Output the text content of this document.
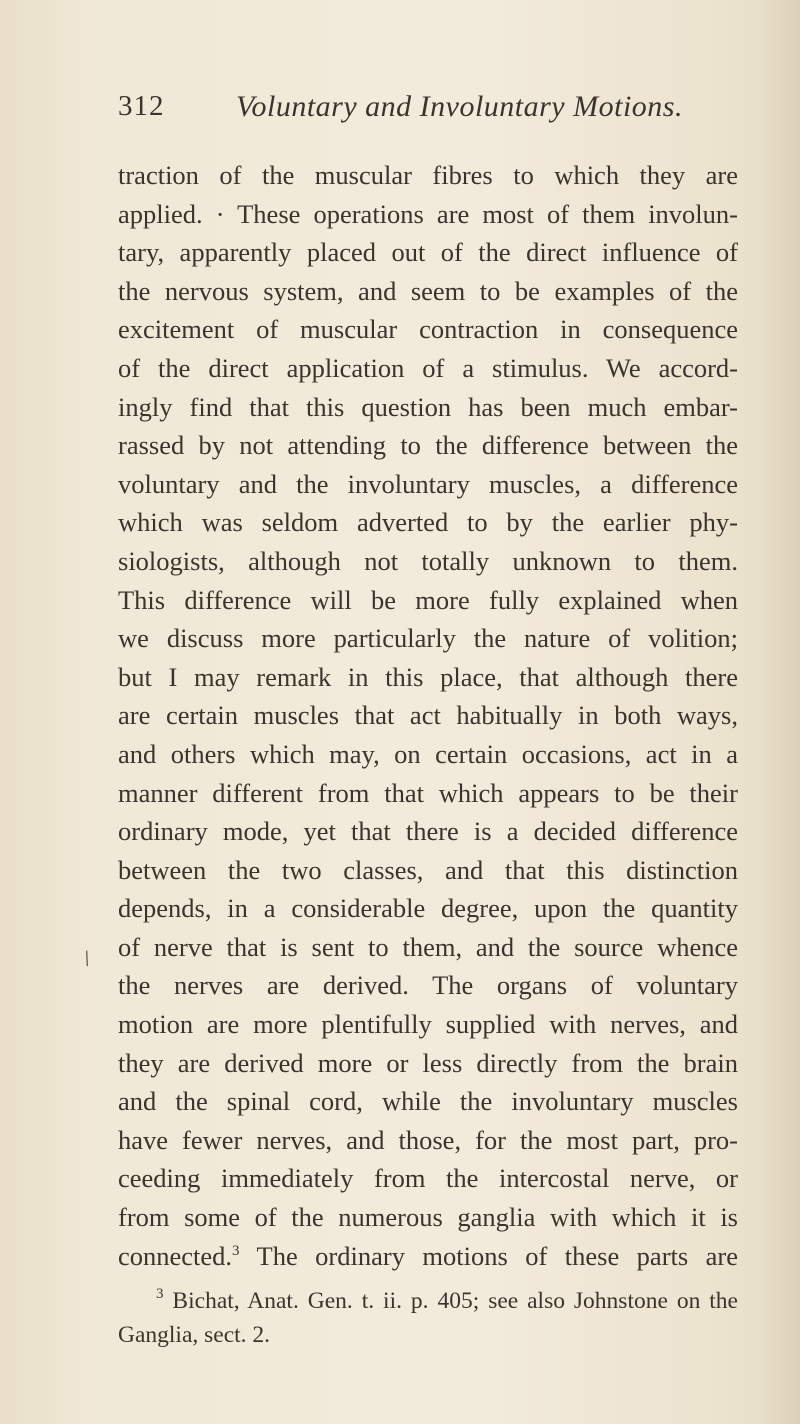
312 Voluntary and Involuntary Motions.
traction of the muscular fibres to which they are
applied. · These operations are most of them involun-
tary, apparently placed out of the direct influence of
the nervous system, and seem to be examples of the
excitement of muscular contraction in consequence
of the direct application of a stimulus. We accord-
ingly find that this question has been much embar-
rassed by not attending to the difference between the
voluntary and the involuntary muscles, a difference
which was seldom adverted to by the earlier phy-
siologists, although not totally unknown to them.
This difference will be more fully explained when
we discuss more particularly the nature of volition;
but I may remark in this place, that although there
are certain muscles that act habitually in both ways,
and others which may, on certain occasions, act in a
manner different from that which appears to be their
ordinary mode, yet that there is a decided difference
between the two classes, and that this distinction
depends, in a considerable degree, upon the quantity
of nerve that is sent to them, and the source whence
the nerves are derived. The organs of voluntary
motion are more plentifully supplied with nerves, and
they are derived more or less directly from the brain
and the spinal cord, while the involuntary muscles
have fewer nerves, and those, for the most part, pro-
ceeding immediately from the intercostal nerve, or
from some of the numerous ganglia with which it is
connected.$^3$ The ordinary motions of these parts are
/
$^3$ Bichat, Anat. Gen. t. ii. p. 405; see also Johnstone on the
Ganglia, sect. 2.
